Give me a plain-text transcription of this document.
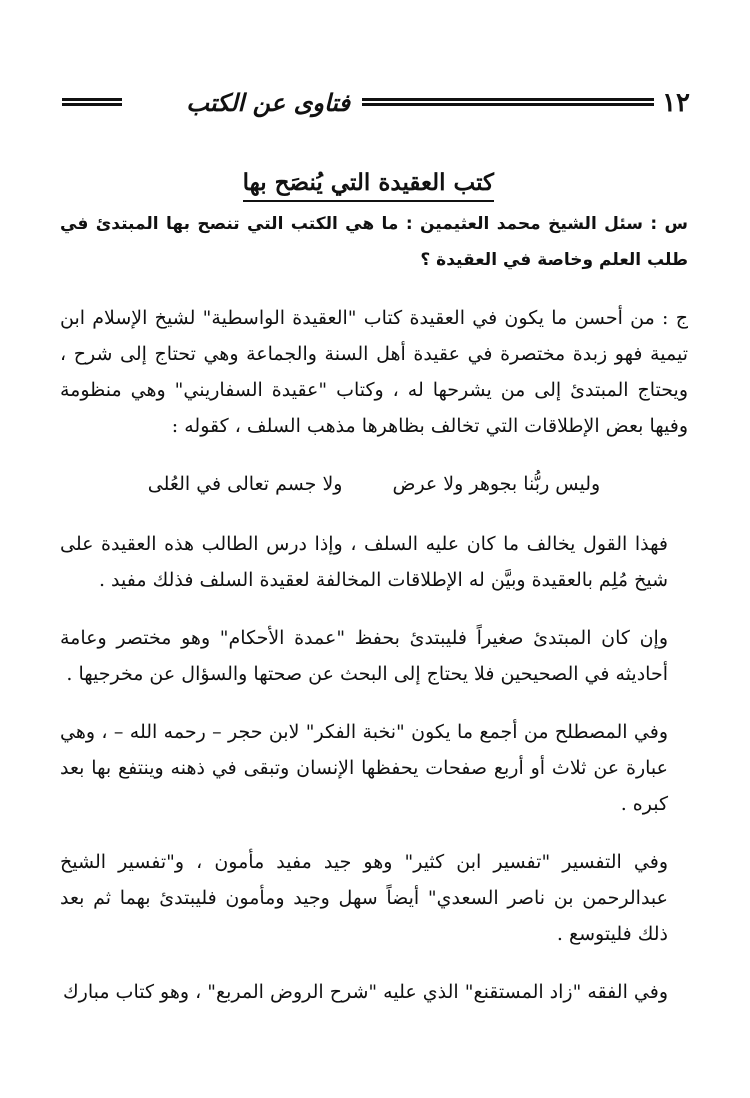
١٢
فتاوى عن الكتب
كتب العقيدة التي يُنصَح بها

س : سئل الشيخ محمد العثيمين : ما هي الكتب التي تنصح بها المبتدئ في طلب العلم وخاصة في العقيدة ؟

ج : من أحسن ما يكون في العقيدة كتاب "العقيدة الواسطية" لشيخ الإسلام ابن تيمية فهو زبدة مختصرة في عقيدة أهل السنة والجماعة وهي تحتاج إلى شرح ، ويحتاج المبتدئ إلى من يشرحها له ، وكتاب "عقيدة السفاريني" وهي منظومة وفيها بعض الإطلاقات التي تخالف بظاهرها مذهب السلف ، كقوله :

وليس ربُّنا بجوهر ولا عرض
ولا جسم تعالى في العُلى

فهذا القول يخالف ما كان عليه السلف ، وإذا درس الطالب هذه العقيدة على شيخ مُلِم بالعقيدة وبيَّن له الإطلاقات المخالفة لعقيدة السلف فذلك مفيد .

وإن كان المبتدئ صغيراً فليبتدئ بحفظ "عمدة الأحكام" وهو مختصر وعامة أحاديثه في الصحيحين فلا يحتاج إلى البحث عن صحتها والسؤال عن مخرجيها .

وفي المصطلح من أجمع ما يكون "نخبة الفكر" لابن حجر – رحمه الله – ، وهي عبارة عن ثلاث أو أربع صفحات يحفظها الإنسان وتبقى في ذهنه وينتفع بها بعد كبره .

وفي التفسير "تفسير ابن كثير" وهو جيد مفيد مأمون ، و"تفسير الشيخ عبدالرحمن بن ناصر السعدي" أيضاً سهل وجيد ومأمون فليبتدئ بهما ثم بعد ذلك فليتوسع .

وفي الفقه "زاد المستقنع" الذي عليه "شرح الروض المربع" ، وهو كتاب مبارك
